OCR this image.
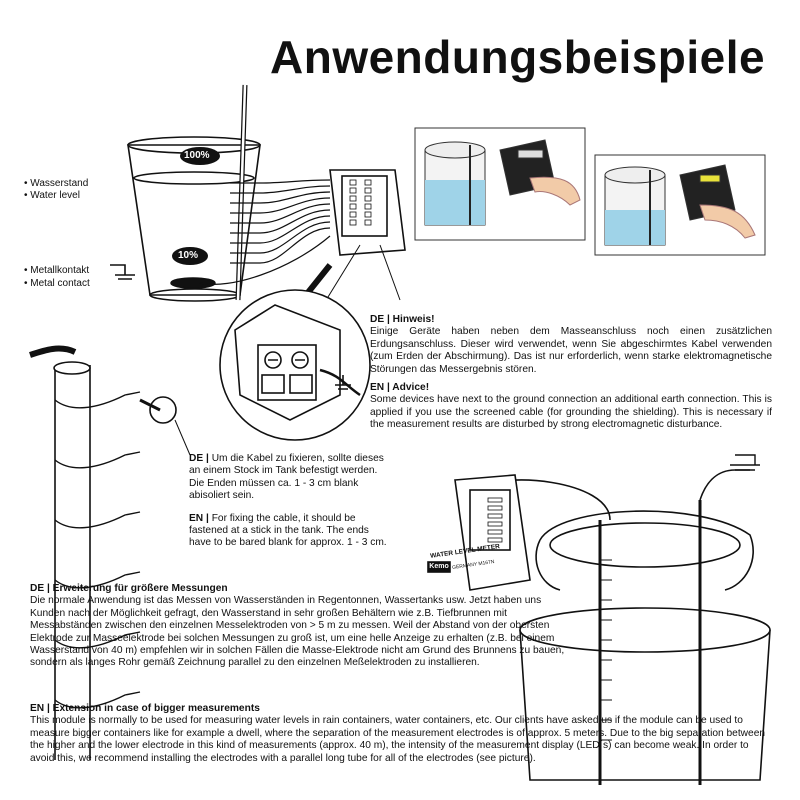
Anwendungsbeispiele
• Wasserstand
• Water level
• Metallkontakt
• Metal contact
100%
10%
DE | Hinweis!
Einige Geräte haben neben dem Masseanschluss noch einen zusätzlichen Erdungsanschluss. Dieser wird verwendet, wenn Sie abgeschirmtes Kabel verwenden (zum Erden der Abschirmung). Das ist nur erforderlich, wenn starke elektromagnetische Störungen das Messergebnis stören.
EN | Advice!
Some devices have next to the ground connection an additional earth connection. This is applied if you use the screened cable (for grounding the shielding). This is necessary if the measurement results are disturbed by strong electromagnetic disturbance.
DE | Um die Kabel zu fixieren, sollte dieses an einem Stock im Tank befestigt werden. Die Enden müssen ca. 1 - 3 cm blank abisoliert sein.
EN | For fixing the cable, it should be fastened at a stick in the tank. The ends have to be bared blank for approx. 1 - 3 cm.
Kemo
WATER LEVEL METER
GERMANY M167N
DE | Erweiterung für größere Messungen
Die normale Anwendung ist das Messen von Wasserständen in Regentonnen, Wassertanks usw. Jetzt haben uns Kunden nach der Möglichkeit gefragt, den Wasserstand in sehr großen Behältern wie z.B. Tiefbrunnen mit Messabständen zwischen den einzelnen Messelektroden von > 5 m zu messen. Weil der Abstand von der obersten Elektrode zur Masseelektrode bei solchen Messungen zu groß ist, um eine helle Anzeige zu erhalten (z.B. bei einem Wasserstand von 40 m) empfehlen wir in solchen Fällen die Masse-Elektrode nicht am Grund des Brunnens zu bauen, sondern als langes Rohr gemäß Zeichnung parallel zu den einzelnen Meßelektroden zu installieren.
EN | Extension in case of bigger measurements
This module is normally to be used for measuring water levels in rain containers, water containers, etc. Our clients have asked us if the module can be used to measure bigger containers like for example a dwell, where the separation of the measurement electrodes is of approx. 5 meters. Due to the big separation between the higher and the lower electrode in this kind of measurements (approx. 40 m), the intensity of the measurement display (LED´s) can become weak. In order to avoid this, we recommend installing the electrodes with a parallel long tube for all of the electrodes (see picture).
